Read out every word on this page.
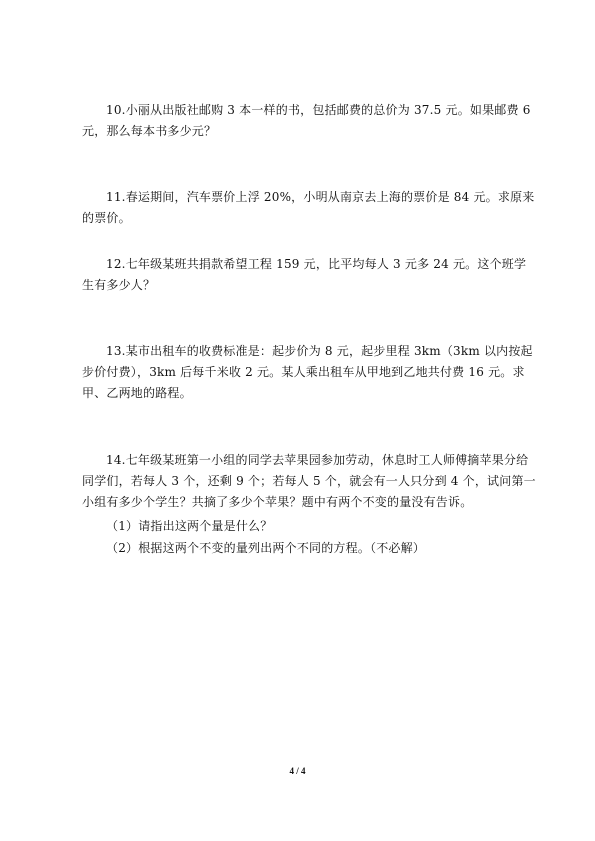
10.小丽从出版社邮购 3 本一样的书，包括邮费的总价为 37.5 元。如果邮费 6 元，那么每本书多少元？
11.春运期间，汽车票价上浮 20%，小明从南京去上海的票价是 84 元。求原来的票价。
12.七年级某班共捐款希望工程 159 元，比平均每人 3 元多 24 元。这个班学生有多少人？
13.某市出租车的收费标准是：起步价为 8 元，起步里程 3km（3km 以内按起步价付费），3km 后每千米收 2 元。某人乘出租车从甲地到乙地共付费 16 元。求甲、乙两地的路程。
14.七年级某班第一小组的同学去苹果园参加劳动，休息时工人师傅摘苹果分给同学们，若每人 3 个，还剩 9 个；若每人 5 个，就会有一人只分到 4 个，试问第一小组有多少个学生？共摘了多少个苹果？题中有两个不变的量没有告诉。
（1）请指出这两个量是什么？
（2）根据这两个不变的量列出两个不同的方程。（不必解）
4 / 4
